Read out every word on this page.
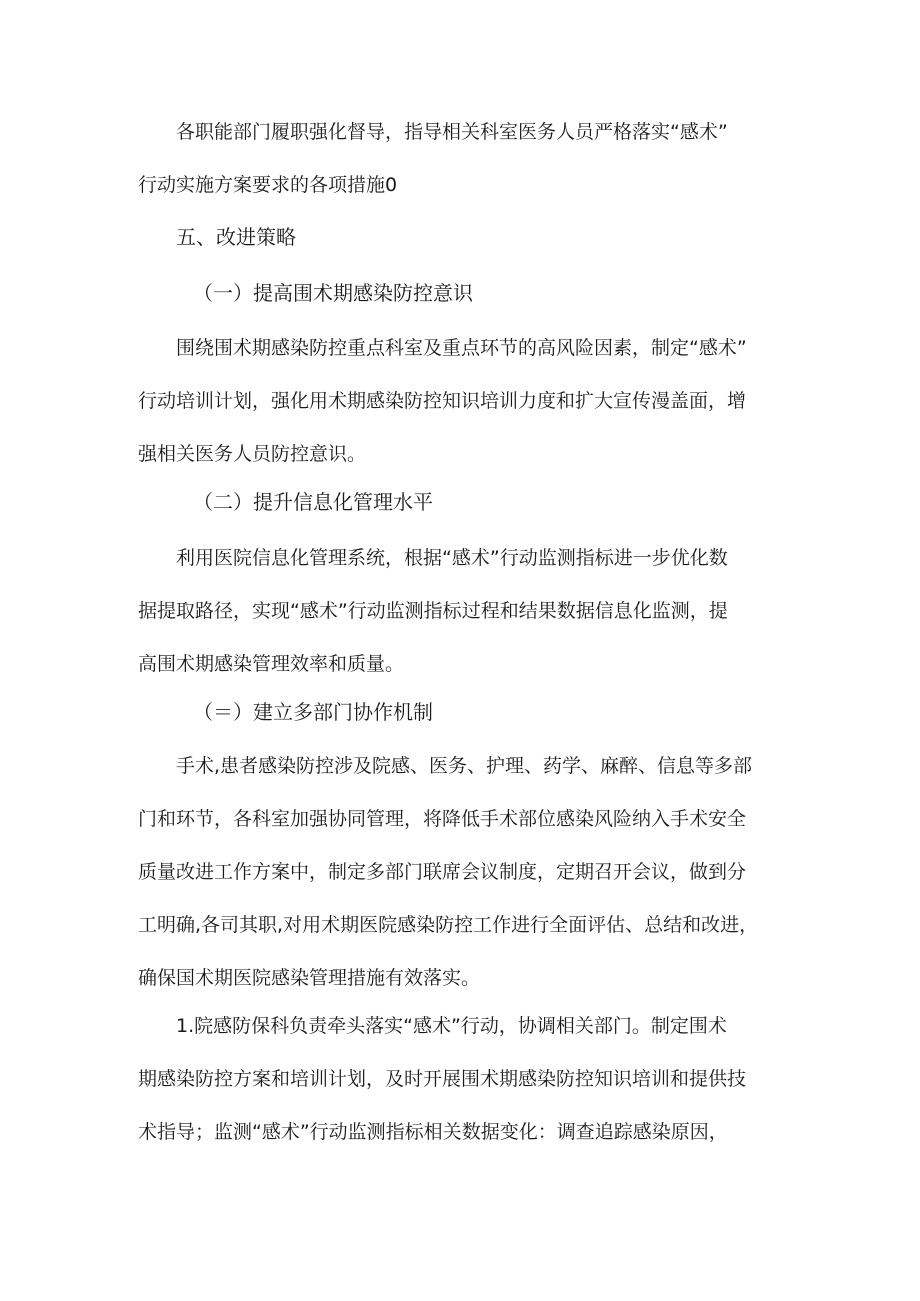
各职能部门履职强化督导，指导相关科室医务人员严格落实“感术”
行动实施方案要求的各项措施0

五、改进策略
（一）提高围术期感染防控意识

围绕围术期感染防控重点科室及重点环节的高风险因素，制定“感术”
行动培训计划，强化用术期感染防控知识培训力度和扩大宣传漫盖面，增
强相关医务人员防控意识。

（二）提升信息化管理水平

利用医院信息化管理系统，根据“感术”行动监测指标进一步优化数
据提取路径，实现“感术”行动监测指标过程和结果数据信息化监测，提
高围术期感染管理效率和质量。

（＝）建立多部门协作机制

手术,患者感染防控涉及院感、医务、护理、药学、麻醉、信息等多部
门和环节，各科室加强协同管理，将降低手术部位感染风险纳入手术安全
质量改进工作方案中，制定多部门联席会议制度，定期召开会议，做到分
工明确,各司其职,对用术期医院感染防控工作进行全面评估、总结和改进，
确保国术期医院感染管理措施有效落实。

1.院感防保科负责牵头落实“感术”行动，协调相关部门。制定围术
期感染防控方案和培训计划，及时开展围术期感染防控知识培训和提供技
术指导；监测“感术”行动监测指标相关数据变化：调查追踪感染原因，
